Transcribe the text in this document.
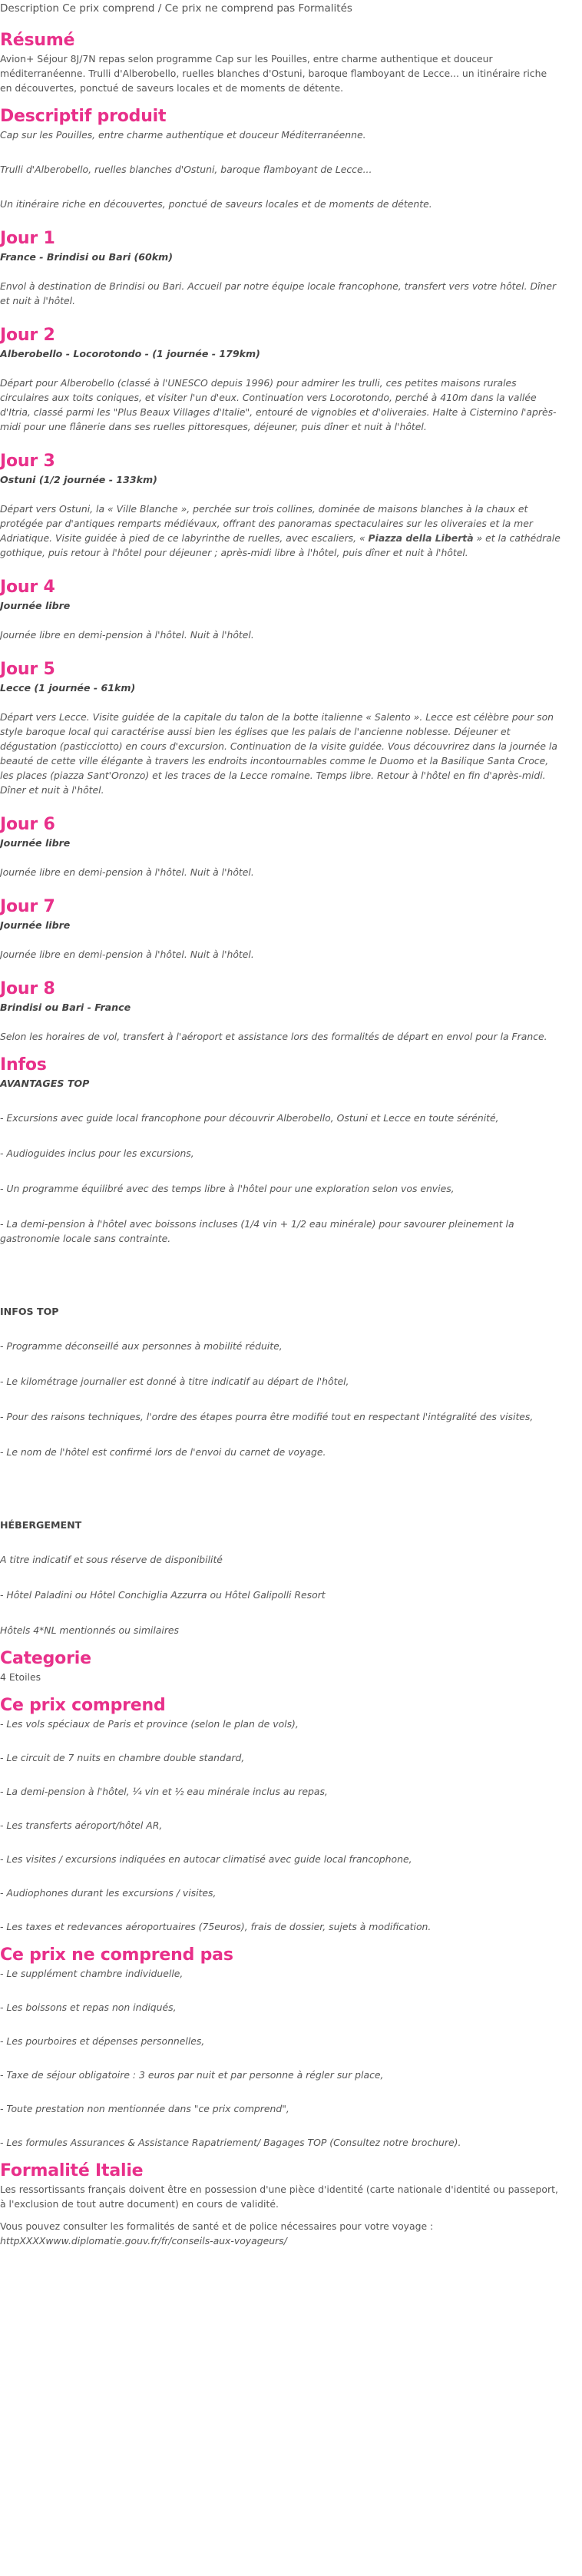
Description Ce prix comprend / Ce prix ne comprend pas Formalités
Résumé

Avion+ Séjour 8J/7N repas selon programme Cap sur les Pouilles, entre charme authentique et douceur méditerranéenne. Trulli d'Alberobello, ruelles blanches d'Ostuni, baroque flamboyant de Lecce... un itinéraire riche en découvertes, ponctué de saveurs locales et de moments de détente.

Descriptif produit

Cap sur les Pouilles, entre charme authentique et douceur Méditerranéenne.

Trulli d'Alberobello, ruelles blanches d'Ostuni, baroque flamboyant de Lecce...

Un itinéraire riche en découvertes, ponctué de saveurs locales et de moments de détente.

Jour 1
France - Brindisi ou Bari (60km)

Envol à destination de Brindisi ou Bari. Accueil par notre équipe locale francophone, transfert vers votre hôtel. Dîner et nuit à l'hôtel.

Jour 2
Alberobello - Locorotondo - (1 journée - 179km)

Départ pour Alberobello (classé à l'UNESCO depuis 1996) pour admirer les trulli, ces petites maisons rurales circulaires aux toits coniques, et visiter l'un d'eux. Continuation vers Locorotondo, perché à 410m dans la vallée d'Itria, classé parmi les "Plus Beaux Villages d'Italie", entouré de vignobles et d'oliveraies. Halte à Cisternino l'après-midi pour une flânerie dans ses ruelles pittoresques, déjeuner, puis dîner et nuit à l'hôtel.

Jour 3
Ostuni (1/2 journée - 133km)

Départ vers Ostuni, la « Ville Blanche », perchée sur trois collines, dominée de maisons blanches à la chaux et protégée par d'antiques remparts médiévaux, offrant des panoramas spectaculaires sur les oliveraies et la mer Adriatique. Visite guidée à pied de ce labyrinthe de ruelles, avec escaliers, « Piazza della Libertà » et la cathédrale gothique, puis retour à l'hôtel pour déjeuner ; après-midi libre à l'hôtel, puis dîner et nuit à l'hôtel.

Jour 4
Journée libre

Journée libre en demi-pension à l'hôtel. Nuit à l'hôtel.

Jour 5
Lecce (1 journée - 61km)

Départ vers Lecce. Visite guidée de la capitale du talon de la botte italienne « Salento ». Lecce est célèbre pour son style baroque local qui caractérise aussi bien les églises que les palais de l'ancienne noblesse. Déjeuner et dégustation (pasticciotto) en cours d'excursion. Continuation de la visite guidée. Vous découvrirez dans la journée la beauté de cette ville élégante à travers les endroits incontournables comme le Duomo et la Basilique Santa Croce, les places (piazza Sant'Oronzo) et les traces de la Lecce romaine. Temps libre. Retour à l'hôtel en fin d'après-midi. Dîner et nuit à l'hôtel.

Jour 6
Journée libre

Journée libre en demi-pension à l'hôtel. Nuit à l'hôtel.

Jour 7
Journée libre

Journée libre en demi-pension à l'hôtel. Nuit à l'hôtel.

Jour 8
Brindisi ou Bari - France

Selon les horaires de vol, transfert à l'aéroport et assistance lors des formalités de départ en envol pour la France.

Infos
AVANTAGES TOP
- Excursions avec guide local francophone pour découvrir Alberobello, Ostuni et Lecce en toute sérénité,
- Audioguides inclus pour les excursions,
- Un programme équilibré avec des temps libre à l'hôtel pour une exploration selon vos envies,
- La demi-pension à l'hôtel avec boissons incluses (1/4 vin + 1/2 eau minérale) pour savourer pleinement la gastronomie locale sans contrainte.
INFOS TOP
- Programme déconseillé aux personnes à mobilité réduite,
- Le kilométrage journalier est donné à titre indicatif au départ de l'hôtel,
- Pour des raisons techniques, l'ordre des étapes pourra être modifié tout en respectant l'intégralité des visites,
- Le nom de l'hôtel est confirmé lors de l'envoi du carnet de voyage.
HÉBERGEMENT
A titre indicatif et sous réserve de disponibilité
- Hôtel Paladini ou Hôtel Conchiglia Azzurra ou Hôtel Galipolli Resort
Hôtels 4*NL mentionnés ou similaires
Categorie

4 Etoiles

Ce prix comprend
- Les vols spéciaux de Paris et province (selon le plan de vols),
- Le circuit de 7 nuits en chambre double standard,
- La demi-pension à l'hôtel, ¼ vin et ½ eau minérale inclus au repas,
- Les transferts aéroport/hôtel AR,
- Les visites / excursions indiquées en autocar climatisé avec guide local francophone,
- Audiophones durant les excursions / visites,
- Les taxes et redevances aéroportuaires (75euros), frais de dossier, sujets à modification.
Ce prix ne comprend pas
- Le supplément chambre individuelle,
- Les boissons et repas non indiqués,
- Les pourboires et dépenses personnelles,
- Taxe de séjour obligatoire : 3 euros par nuit et par personne à régler sur place,
- Toute prestation non mentionnée dans "ce prix comprend",
- Les formules Assurances & Assistance Rapatriement/ Bagages TOP (Consultez notre brochure).
Formalité Italie

Les ressortissants français doivent être en possession d'une pièce d'identité (carte nationale d'identité ou passeport, à l'exclusion de tout autre document) en cours de validité.

Vous pouvez consulter les formalités de santé et de police nécessaires pour votre voyage :

httpXXXXwww.diplomatie.gouv.fr/fr/conseils-aux-voyageurs/
